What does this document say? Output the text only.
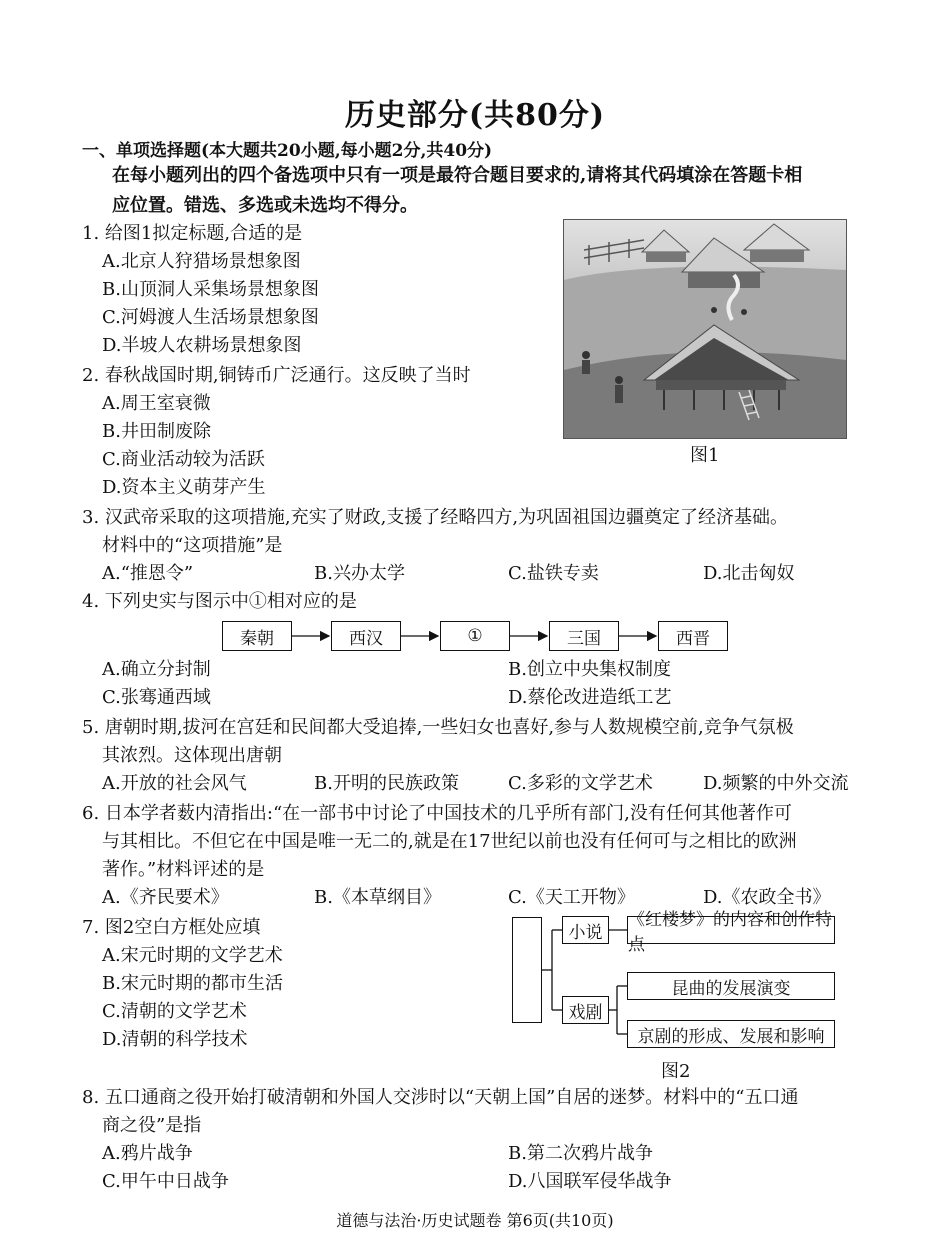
历史部分(共80分)
一、单项选择题(本大题共20小题,每小题2分,共40分)
在每小题列出的四个备选项中只有一项是最符合题目要求的,请将其代码填涂在答题卡相
应位置。错选、多选或未选均不得分。
1. 给图1拟定标题,合适的是
A.北京人狩猎场景想象图
B.山顶洞人采集场景想象图
C.河姆渡人生活场景想象图
D.半坡人农耕场景想象图
图1
2. 春秋战国时期,铜铸币广泛通行。这反映了当时
A.周王室衰微
B.井田制废除
C.商业活动较为活跃
D.资本主义萌芽产生
3. 汉武帝采取的这项措施,充实了财政,支援了经略四方,为巩固祖国边疆奠定了经济基础。
材料中的“这项措施”是
A.“推恩令”	B.兴办太学	C.盐铁专卖	D.北击匈奴
4. 下列史实与图示中①相对应的是
秦朝	西汉	①	三国	西晋
A.确立分封制	B.创立中央集权制度
C.张骞通西域	D.蔡伦改进造纸工艺
5. 唐朝时期,拔河在宫廷和民间都大受追捧,一些妇女也喜好,参与人数规模空前,竞争气氛极
其浓烈。这体现出唐朝
A.开放的社会风气	B.开明的民族政策	C.多彩的文学艺术	D.频繁的中外交流
6. 日本学者薮内清指出:“在一部书中讨论了中国技术的几乎所有部门,没有任何其他著作可
与其相比。不但它在中国是唯一无二的,就是在17世纪以前也没有任何可与之相比的欧洲
著作。”材料评述的是
A.《齐民要术》	B.《本草纲目》	C.《天工开物》	D.《农政全书》
7. 图2空白方框处应填
A.宋元时期的文学艺术
B.宋元时期的都市生活
C.清朝的文学艺术
D.清朝的科学技术
小说
《红楼梦》的内容和创作特点
戏剧
昆曲的发展演变
京剧的形成、发展和影响
图2
8. 五口通商之役开始打破清朝和外国人交涉时以“天朝上国”自居的迷梦。材料中的“五口通
商之役”是指
A.鸦片战争	B.第二次鸦片战争
C.甲午中日战争	D.八国联军侵华战争
道德与法治·历史试题卷 第6页(共10页)
